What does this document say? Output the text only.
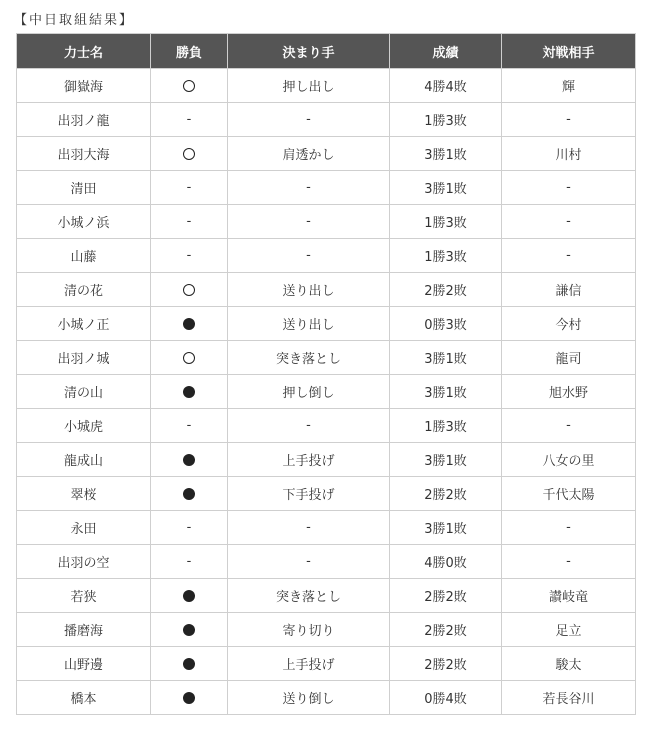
【中日取組結果】
力士名	勝負	決まり手	成績	対戦相手
御嶽海		押し出し	4勝4敗	輝
出羽ノ龍	-	-	1勝3敗	-
出羽大海		肩透かし	3勝1敗	川村
清田	-	-	3勝1敗	-
小城ノ浜	-	-	1勝3敗	-
山藤	-	-	1勝3敗	-
清の花		送り出し	2勝2敗	謙信
小城ノ正		送り出し	0勝3敗	今村
出羽ノ城		突き落とし	3勝1敗	龍司
清の山		押し倒し	3勝1敗	旭水野
小城虎	-	-	1勝3敗	-
龍成山		上手投げ	3勝1敗	八女の里
翠桜		下手投げ	2勝2敗	千代太陽
永田	-	-	3勝1敗	-
出羽の空	-	-	4勝0敗	-
若狭		突き落とし	2勝2敗	讃岐竜
播磨海		寄り切り	2勝2敗	足立
山野邊		上手投げ	2勝2敗	駿太
橋本		送り倒し	0勝4敗	若長谷川
